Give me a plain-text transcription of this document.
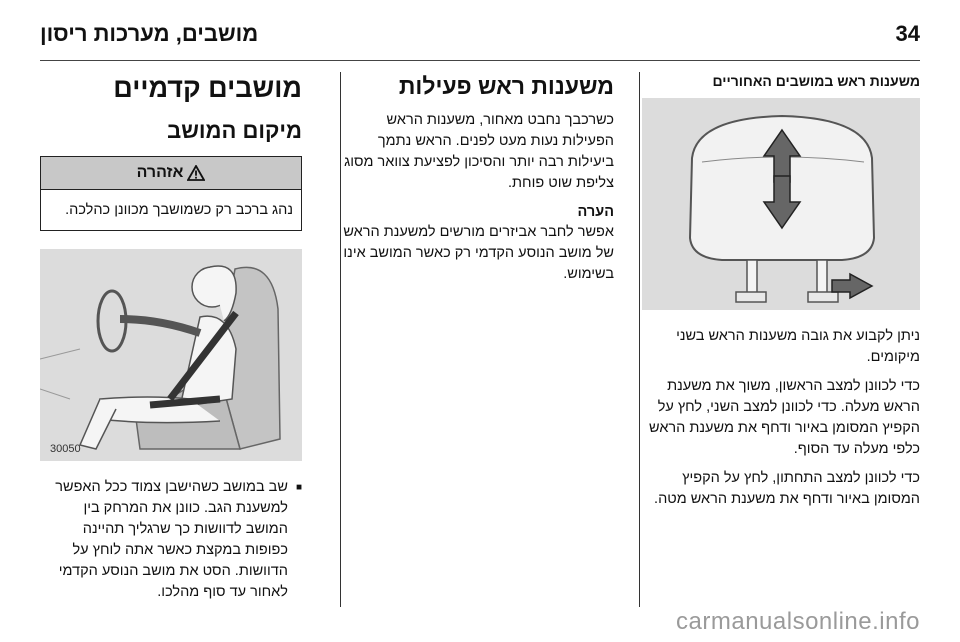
34
מושבים, מערכות ריסון
משענות ראש במושבים האחוריים

ניתן לקבוע את גובה משענות הראש בשני מיקומים.

כדי לכוונן למצב הראשון, משוך את משענת הראש מעלה. כדי לכוונן למצב השני, לחץ על הקפיץ המסומן באיור ודחף את משענת הראש כלפי מעלה עד הסוף.

כדי לכוונן למצב התחתון, לחץ על הקפיץ המסומן באיור ודחף את משענת הראש מטה.

משענות ראש פעילות

כשרכבך נחבט מאחור, משענות הראש הפעילות נעות מעט לפנים. הראש נתמך ביעילות רבה יותר והסיכון לפציעת צוואר מסוג צליפת שוט פוחת.

הערה

אפשר לחבר אביזרים מורשים למשענת הראש של מושב הנוסע הקדמי רק כאשר המושב אינו בשימוש.

מושבים קדמיים
מיקום המושב
אזהרה
נהג ברכב רק כשמושבך מכוונן כהלכה.
30050
■
שב במושב כשהישבן צמוד ככל האפשר למשענת הגב. כוונן את המרחק בין המושב לדוושות כך שרגליך תהיינה כפופות במקצת כאשר אתה לוחץ על הדוושות. הסט את מושב הנוסע הקדמי לאחור עד סוף מהלכו.
carmanualsonline.info
